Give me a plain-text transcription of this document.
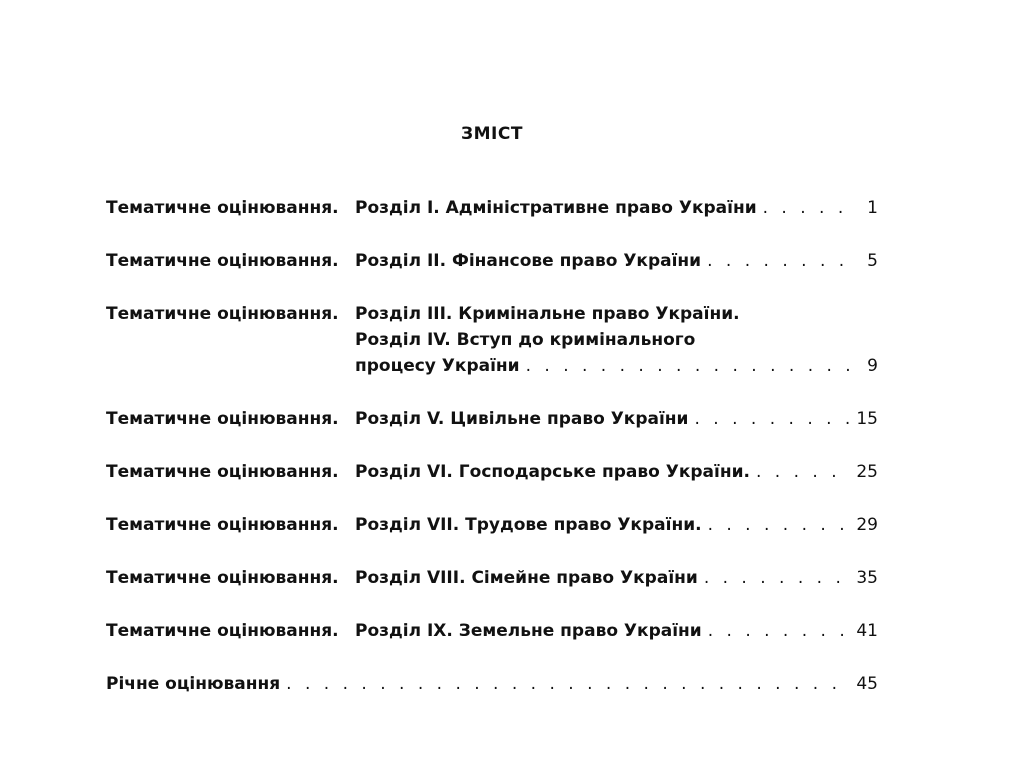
ЗМІСТ
Тематичне оцінювання. Розділ I. Адміністративне право України . . .	1
Тематичне оцінювання. Розділ II. Фінансове право України . . .	5
Тематичне оцінювання. Розділ III. Кримінальне право України.
Розділ IV. Вступ до кримінального
процесу України . . .	9
Тематичне оцінювання. Розділ V. Цивільне право України . . .	15
Тематичне оцінювання. Розділ VI. Господарське право України. . . .	25
Тематичне оцінювання. Розділ VII. Трудове право України. . . .	29
Тематичне оцінювання. Розділ VIII. Сімейне право України . . .	35
Тематичне оцінювання. Розділ IX. Земельне право України . . .	41
Річне оцінювання . . .	45
